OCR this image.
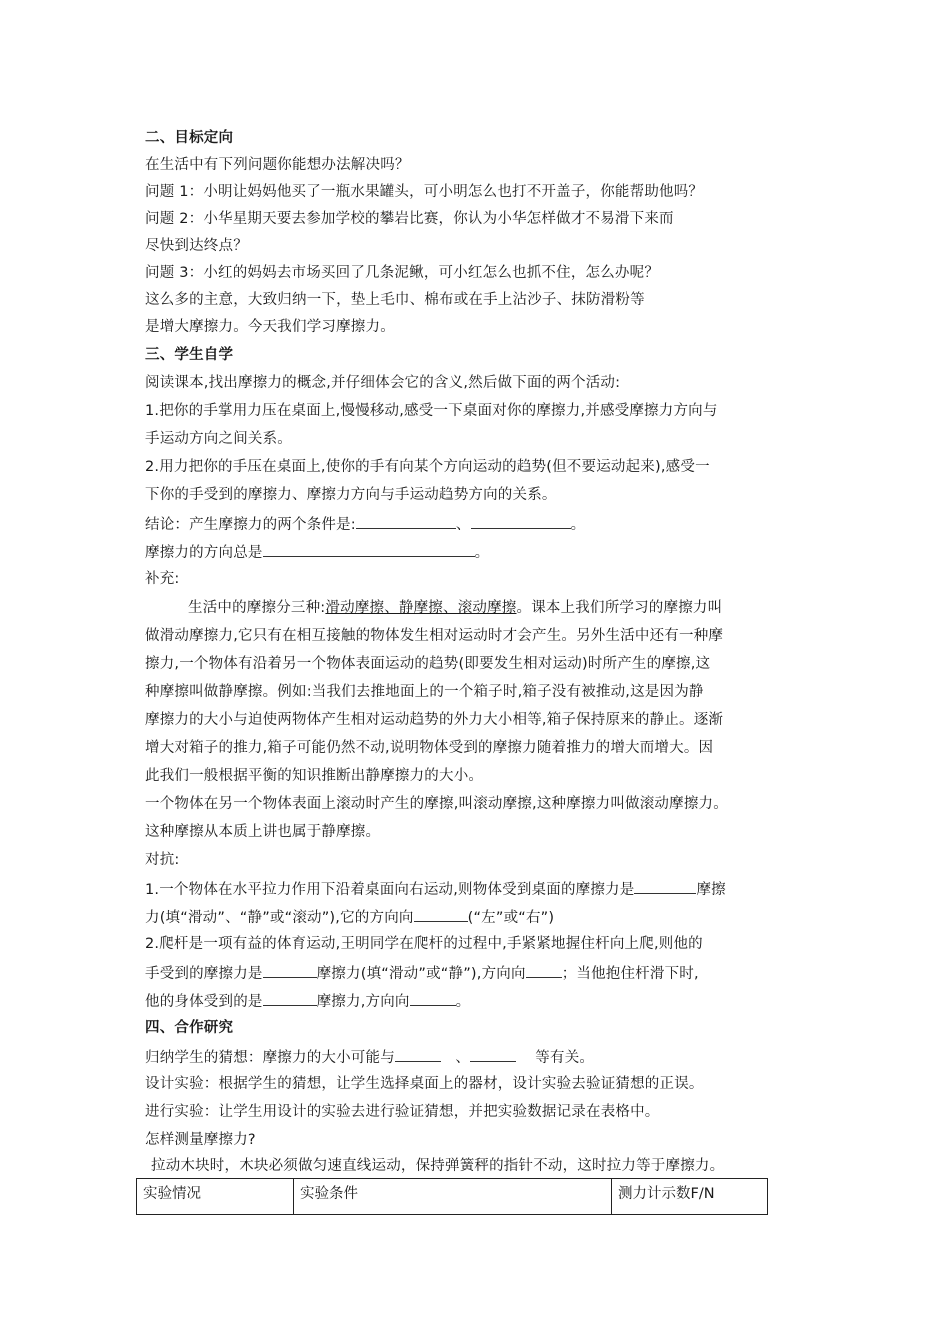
二、目标定向
在生活中有下列问题你能想办法解决吗？
问题 1：小明让妈妈他买了一瓶水果罐头，可小明怎么也打不开盖子，你能帮助他吗？
问题 2：小华星期天要去参加学校的攀岩比赛，你认为小华怎样做才不易滑下来而
尽快到达终点？
问题 3：小红的妈妈去市场买回了几条泥鳅，可小红怎么也抓不住，怎么办呢？
这么多的主意，大致归纳一下，垫上毛巾、棉布或在手上沾沙子、抹防滑粉等
是增大摩擦力。今天我们学习摩擦力。
三、学生自学
阅读课本,找出摩擦力的概念,并仔细体会它的含义,然后做下面的两个活动:
1.把你的手掌用力压在桌面上,慢慢移动,感受一下桌面对你的摩擦力,并感受摩擦力方向与
手运动方向之间关系。
2.用力把你的手压在桌面上,使你的手有向某个方向运动的趋势(但不要运动起来),感受一
下你的手受到的摩擦力、摩擦力方向与手运动趋势方向的关系。
结论：产生摩擦力的两个条件是:	、	。
摩擦力的方向总是	。
补充:
生活中的摩擦分三种:滑动摩擦、静摩擦、滚动摩擦。课本上我们所学习的摩擦力叫
做滑动摩擦力,它只有在相互接触的物体发生相对运动时才会产生。另外生活中还有一种摩
擦力,一个物体有沿着另一个物体表面运动的趋势(即要发生相对运动)时所产生的摩擦,这
种摩擦叫做静摩擦。例如:当我们去推地面上的一个箱子时,箱子没有被推动,这是因为静
摩擦力的大小与迫使两物体产生相对运动趋势的外力大小相等,箱子保持原来的静止。逐渐
增大对箱子的推力,箱子可能仍然不动,说明物体受到的摩擦力随着推力的增大而增大。因
此我们一般根据平衡的知识推断出静摩擦力的大小。
一个物体在另一个物体表面上滚动时产生的摩擦,叫滚动摩擦,这种摩擦力叫做滚动摩擦力。
这种摩擦从本质上讲也属于静摩擦。
对抗:
1.一个物体在水平拉力作用下沿着桌面向右运动,则物体受到桌面的摩擦力是	摩擦
力(填“滑动”、“静”或“滚动”),它的方向向	(“左”或“右”)
2.爬杆是一项有益的体育运动,王明同学在爬杆的过程中,手紧紧地握住杆向上爬,则他的
手受到的摩擦力是	摩擦力(填“滑动”或“静”),方向向 ；当他抱住杆滑下时,
他的身体受到的是	摩擦力,方向向	。
四、合作研究
归纳学生的猜想：摩擦力的大小可能与	、	等有关。
设计实验：根据学生的猜想，让学生选择桌面上的器材，设计实验去验证猜想的正误。
进行实验：让学生用设计的实验去进行验证猜想，并把实验数据记录在表格中。
怎样测量摩擦力?
拉动木块时，木块必须做匀速直线运动，保持弹簧秤的指针不动，这时拉力等于摩擦力。
实验情况	实验条件	测力计示数F/N
